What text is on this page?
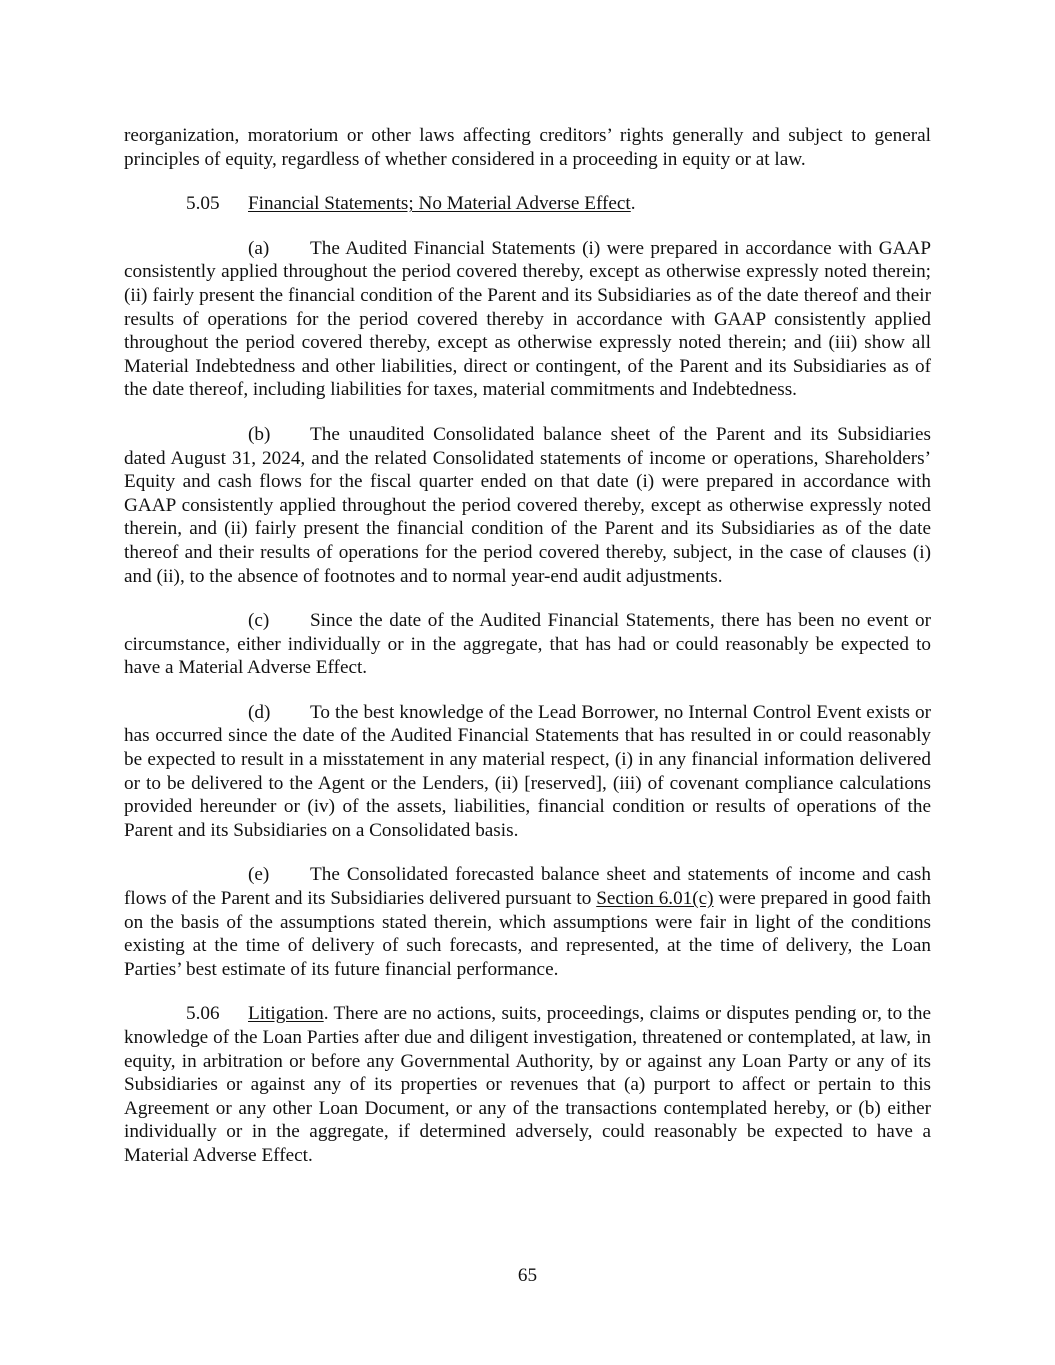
reorganization, moratorium or other laws affecting creditors’ rights generally and subject to general principles of equity, regardless of whether considered in a proceeding in equity or at law.

5.05 Financial Statements; No Material Adverse Effect.

(a) The Audited Financial Statements (i) were prepared in accordance with GAAP consistently applied throughout the period covered thereby, except as otherwise expressly noted therein; (ii) fairly present the financial condition of the Parent and its Subsidiaries as of the date thereof and their results of operations for the period covered thereby in accordance with GAAP consistently applied throughout the period covered thereby, except as otherwise expressly noted therein; and (iii) show all Material Indebtedness and other liabilities, direct or contingent, of the Parent and its Subsidiaries as of the date thereof, including liabilities for taxes, material commitments and Indebtedness.

(b) The unaudited Consolidated balance sheet of the Parent and its Subsidiaries dated August 31, 2024, and the related Consolidated statements of income or operations, Shareholders’ Equity and cash flows for the fiscal quarter ended on that date (i) were prepared in accordance with GAAP consistently applied throughout the period covered thereby, except as otherwise expressly noted therein, and (ii) fairly present the financial condition of the Parent and its Subsidiaries as of the date thereof and their results of operations for the period covered thereby, subject, in the case of clauses (i) and (ii), to the absence of footnotes and to normal year-end audit adjustments.

(c) Since the date of the Audited Financial Statements, there has been no event or circumstance, either individually or in the aggregate, that has had or could reasonably be expected to have a Material Adverse Effect.

(d) To the best knowledge of the Lead Borrower, no Internal Control Event exists or has occurred since the date of the Audited Financial Statements that has resulted in or could reasonably be expected to result in a misstatement in any material respect, (i) in any financial information delivered or to be delivered to the Agent or the Lenders, (ii) [reserved], (iii) of covenant compliance calculations provided hereunder or (iv) of the assets, liabilities, financial condition or results of operations of the Parent and its Subsidiaries on a Consolidated basis.

(e) The Consolidated forecasted balance sheet and statements of income and cash flows of the Parent and its Subsidiaries delivered pursuant to Section 6.01(c) were prepared in good faith on the basis of the assumptions stated therein, which assumptions were fair in light of the conditions existing at the time of delivery of such forecasts, and represented, at the time of delivery, the Loan Parties’ best estimate of its future financial performance.

5.06 Litigation. There are no actions, suits, proceedings, claims or disputes pending or, to the knowledge of the Loan Parties after due and diligent investigation, threatened or contemplated, at law, in equity, in arbitration or before any Governmental Authority, by or against any Loan Party or any of its Subsidiaries or against any of its properties or revenues that (a) purport to affect or pertain to this Agreement or any other Loan Document, or any of the transactions contemplated hereby, or (b) either individually or in the aggregate, if determined adversely, could reasonably be expected to have a Material Adverse Effect.

65
